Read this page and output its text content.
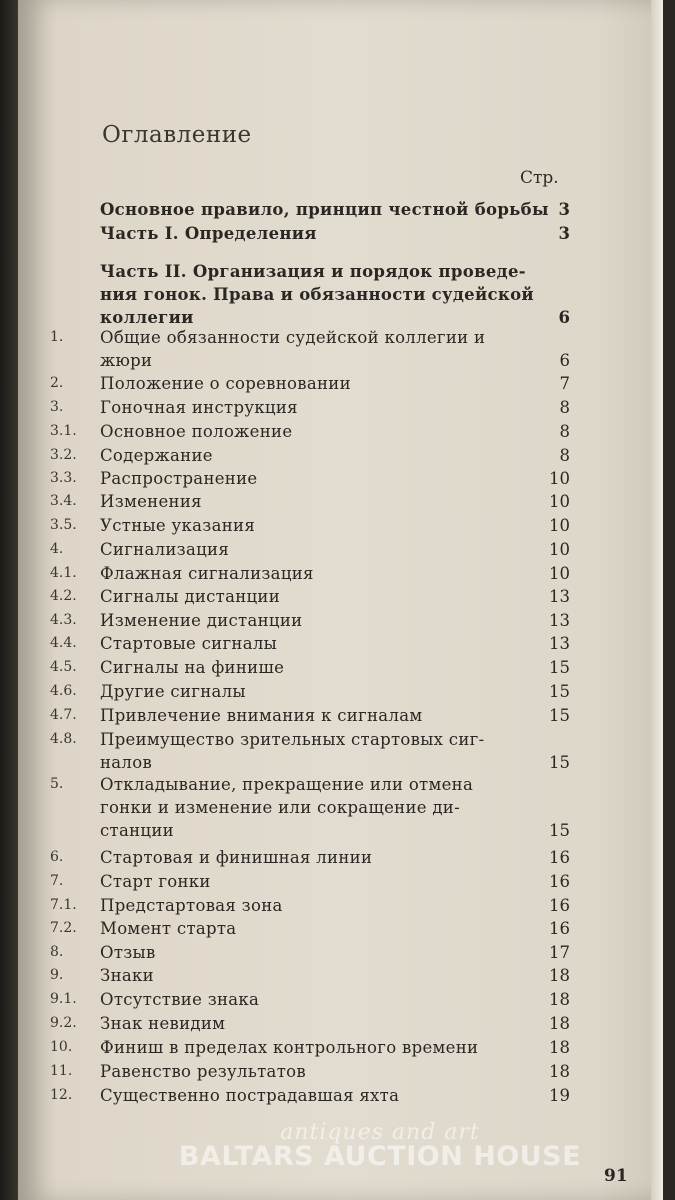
Оглавление
Стр.
Основное правило, принцип честной борьбы 3
Часть I. Определения	3
Часть II. Организация и порядок проведе-
ния гонок. Права и обязанности судейской
коллегии	6
1.	Общие обязанности судейской коллегии и
жюри	6
2.	Положение о соревновании	7
3.	Гоночная инструкция	8
3.1.	Основное положение	8
3.2.	Содержание	8
3.3.	Распространение	10
3.4.	Изменения	10
3.5.	Устные указания	10
4.	Сигнализация	10
4.1.	Флажная сигнализация	10
4.2.	Сигналы дистанции	13
4.3.	Изменение дистанции	13
4.4.	Стартовые сигналы	13
4.5.	Сигналы на финише	15
4.6.	Другие сигналы	15
4.7.	Привлечение внимания к сигналам	15
4.8.	Преимущество зрительных стартовых сиг-
налов	15
5.	Откладывание, прекращение или отмена
гонки и изменение или сокращение ди-
станции	15
6.	Стартовая и финишная линии	16
7.	Старт гонки	16
7.1.	Предстартовая зона	16
7.2.	Момент старта	16
8.	Отзыв	17
9.	Знаки	18
9.1.	Отсутствие знака	18
9.2.	Знак невидим	18
10.	Финиш в пределах контрольного времени	18
11.	Равенство результатов	18
12.	Существенно пострадавшая яхта	19
antiques and art
BALTARS AUCTION HOUSE
91
